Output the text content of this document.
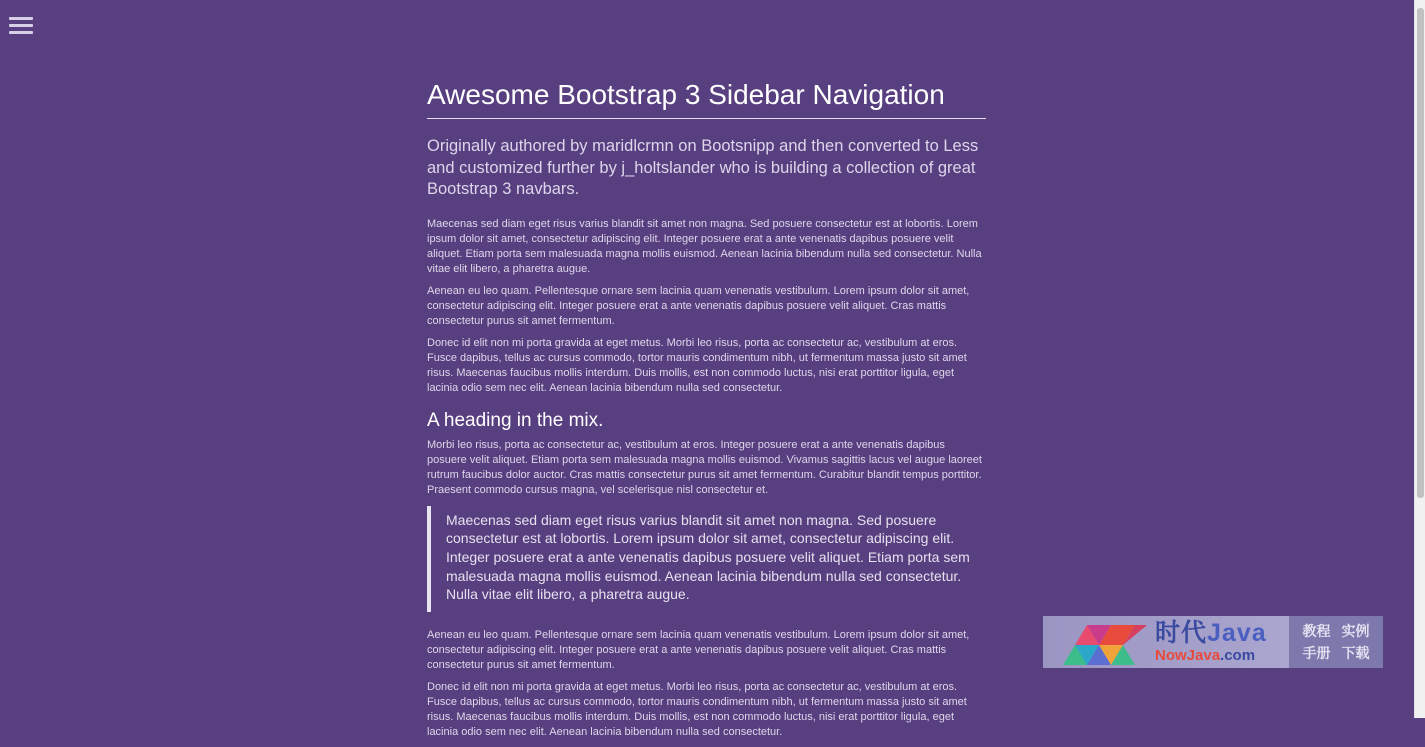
Awesome Bootstrap 3 Sidebar Navigation

Originally authored by maridlcrmn on Bootsnipp and then converted to Less and customized further by j_holtslander who is building a collection of great Bootstrap 3 navbars.

Maecenas sed diam eget risus varius blandit sit amet non magna. Sed posuere consectetur est at lobortis. Lorem ipsum dolor sit amet, consectetur adipiscing elit. Integer posuere erat a ante venenatis dapibus posuere velit aliquet. Etiam porta sem malesuada magna mollis euismod. Aenean lacinia bibendum nulla sed consectetur. Nulla vitae elit libero, a pharetra augue.

Aenean eu leo quam. Pellentesque ornare sem lacinia quam venenatis vestibulum. Lorem ipsum dolor sit amet, consectetur adipiscing elit. Integer posuere erat a ante venenatis dapibus posuere velit aliquet. Cras mattis consectetur purus sit amet fermentum.

Donec id elit non mi porta gravida at eget metus. Morbi leo risus, porta ac consectetur ac, vestibulum at eros. Fusce dapibus, tellus ac cursus commodo, tortor mauris condimentum nibh, ut fermentum massa justo sit amet risus. Maecenas faucibus mollis interdum. Duis mollis, est non commodo luctus, nisi erat porttitor ligula, eget lacinia odio sem nec elit. Aenean lacinia bibendum nulla sed consectetur.

A heading in the mix.

Morbi leo risus, porta ac consectetur ac, vestibulum at eros. Integer posuere erat a ante venenatis dapibus posuere velit aliquet. Etiam porta sem malesuada magna mollis euismod. Vivamus sagittis lacus vel augue laoreet rutrum faucibus dolor auctor. Cras mattis consectetur purus sit amet fermentum. Curabitur blandit tempus porttitor. Praesent commodo cursus magna, vel scelerisque nisl consectetur et.

Maecenas sed diam eget risus varius blandit sit amet non magna. Sed posuere consectetur est at lobortis. Lorem ipsum dolor sit amet, consectetur adipiscing elit. Integer posuere erat a ante venenatis dapibus posuere velit aliquet. Etiam porta sem malesuada magna mollis euismod. Aenean lacinia bibendum nulla sed consectetur. Nulla vitae elit libero, a pharetra augue.

Aenean eu leo quam. Pellentesque ornare sem lacinia quam venenatis vestibulum. Lorem ipsum dolor sit amet, consectetur adipiscing elit. Integer posuere erat a ante venenatis dapibus posuere velit aliquet. Cras mattis consectetur purus sit amet fermentum.

Donec id elit non mi porta gravida at eget metus. Morbi leo risus, porta ac consectetur ac, vestibulum at eros. Fusce dapibus, tellus ac cursus commodo, tortor mauris condimentum nibh, ut fermentum massa justo sit amet risus. Maecenas faucibus mollis interdum. Duis mollis, est non commodo luctus, nisi erat porttitor ligula, eget lacinia odio sem nec elit. Aenean lacinia bibendum nulla sed consectetur.

时代Java
NowJava.com
教程 实例
手册 下载
